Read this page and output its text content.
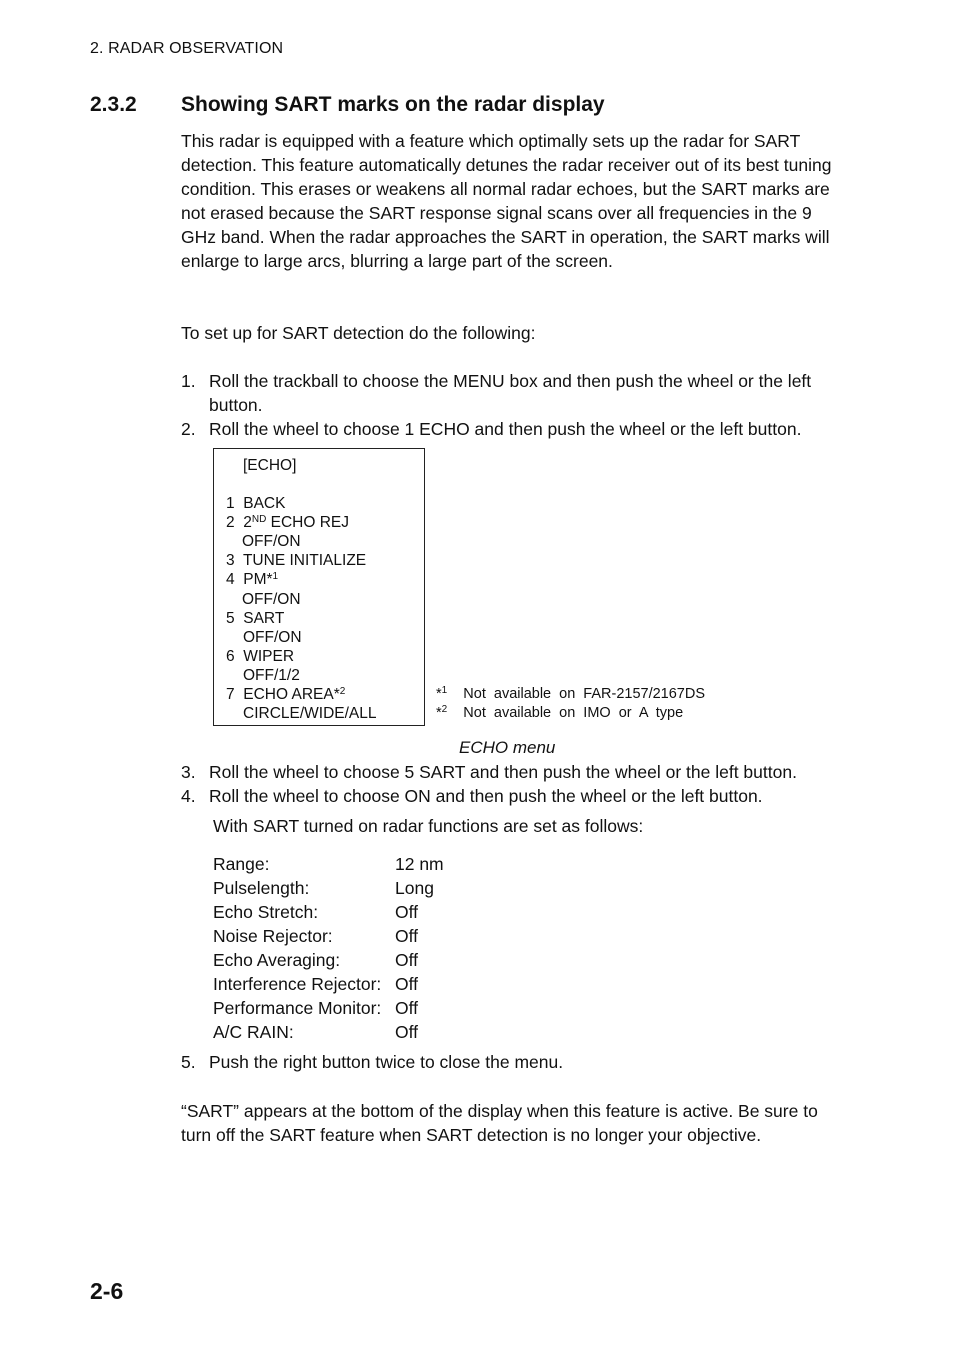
2. RADAR OBSERVATION
2.3.2 Showing SART marks on the radar display
This radar is equipped with a feature which optimally sets up the radar for SART detection. This feature automatically detunes the radar receiver out of its best tuning condition. This erases or weakens all normal radar echoes, but the SART marks are not erased because the SART response signal scans over all frequencies in the 9 GHz band. When the radar approaches the SART in operation, the SART marks will enlarge to large arcs, blurring a large part of the screen.
To set up for SART detection do the following:
1. Roll the trackball to choose the MENU box and then push the wheel or the left button.
2. Roll the wheel to choose 1 ECHO and then push the wheel or the left button.
[ECHO]
1 BACK
2 2ND ECHO REJ
OFF/ON
3 TUNE INITIALIZE
4 PM*$^1$
OFF/ON
5 SART
OFF/ON
6 WIPER
OFF/1/2
7 ECHO AREA*$^2$
CIRCLE/WIDE/ALL
*$^1$ Not available on FAR-2157/2167DS
*$^2$ Not available on IMO or A type
ECHO menu
3. Roll the wheel to choose 5 SART and then push the wheel or the left button.
4. Roll the wheel to choose ON and then push the wheel or the left button.
With SART turned on radar functions are set as follows:
Range:	12 nm
Pulselength:	Long
Echo Stretch:	Off
Noise Rejector:	Off
Echo Averaging:	Off
Interference Rejector: Off
Performance Monitor: Off
A/C RAIN:	Off
5. Push the right button twice to close the menu.
“SART” appears at the bottom of the display when this feature is active. Be sure to turn off the SART feature when SART detection is no longer your objective.
2-6
